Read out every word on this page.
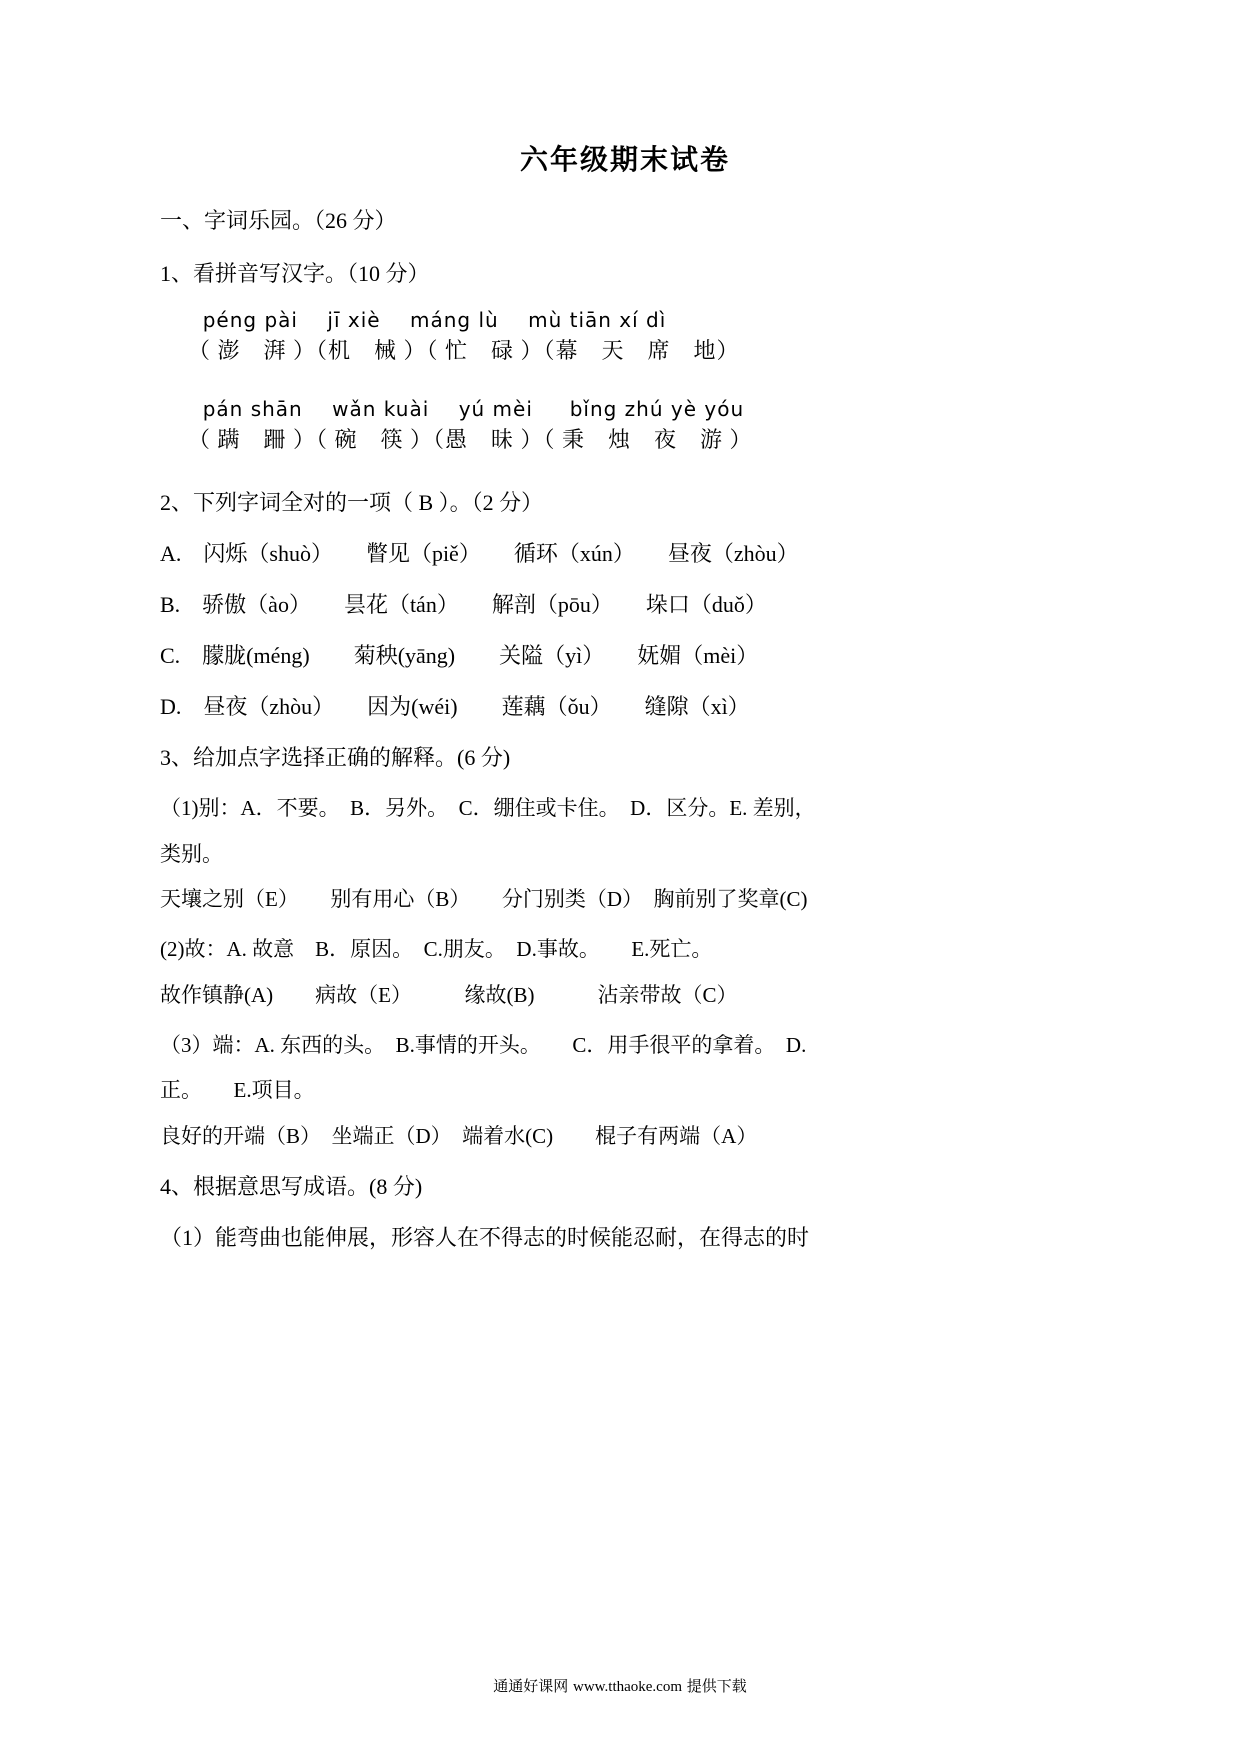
六年级期末试卷
一、字词乐园。（26 分）
1、看拼音写汉字。（10 分）
péng pài    jī xiè    máng lù    mù tiān xí dì
（ 澎　湃 ）（机　械 ）（ 忙　碌 ）（幕　天　席　地）
pán shān    wǎn kuài    yú mèi     bǐng zhú yè yóu
（ 蹒　跚 ）（ 碗　筷 ）（愚　昧 ）（ 秉　烛　夜　游 ）
2、下列字词全对的一项（ B ）。（2 分）
A.　闪烁（shuò）　　瞥见（piě）　　循环（xún）　　昼夜（zhòu）
B.　骄傲（ào）　　昙花（tán）　　解剖（pōu）　　垛口（duǒ）
C.　朦胧(méng)　　菊秧(yāng)　　关隘（yì）　　妩媚（mèi）
D.　昼夜（zhòu）　　因为(wéi)　　莲藕（ǒu）　　缝隙（xì）
3、给加点字选择正确的解释。(6 分)
（1)别：A．不要。　B．另外。　C．绷住或卡住。　D．区分。E. 差别，
类别。
天壤之别（E）　　别有用心（B）　　分门别类（D）　胸前别了奖章(C)
(2)故：A. 故意　B．原因。　C.朋友。　D.事故。　　E.死亡。
故作镇静(A)　　病故（E）　　　缘故(B)　　　沾亲带故（C）
（3）端：A. 东西的头。　B.事情的开头。　　C．用手很平的拿着。　D.
正。　　E.项目。
良好的开端（B）　坐端正（D）　端着水(C)　　棍子有两端（A）
4、根据意思写成语。(8 分)
（1）能弯曲也能伸展，形容人在不得志的时候能忍耐，在得志的时
通通好课网 www.tthaoke.com 提供下载
